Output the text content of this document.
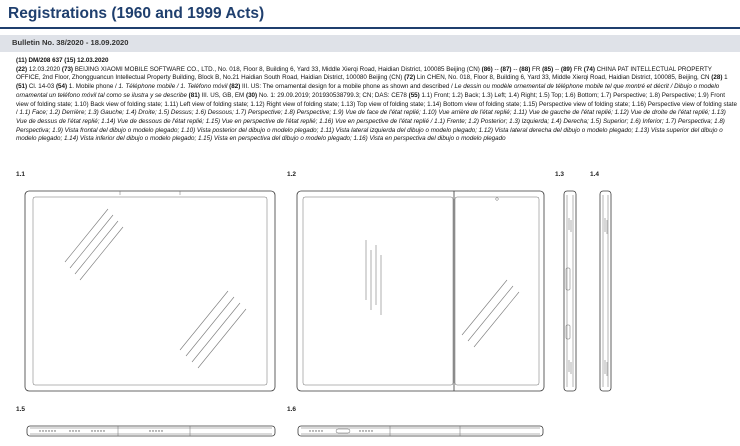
Registrations (1960 and 1999 Acts)
Bulletin No. 38/2020 - 18.09.2020
(11) DM/208 637 (15) 12.03.2020
(22) 12.03.2020 (73) BEIJING XIAOMI MOBILE SOFTWARE CO., LTD., No. 018, Floor 8, Building 6, Yard 33, Middle Xierqi Road, Haidian District, 100085 Beijing (CN) (86) -- (87) -- (88) FR (85) -- (89) FR (74) CHINA PAT INTELLECTUAL PROPERTY OFFICE, 2nd Floor, Zhongguancun Intellectual Property Building, Block B, No.21 Haidian South Road, Haidian District, 100080 Beijing (CN) (72) Lin CHEN, No. 018, Floor 8, Building 6, Yard 33, Middle Xierqi Road, Haidian District, 100085, Beijing, CN (28) 1 (51) Cl. 14-03 (54) 1. Mobile phone / 1. Téléphone mobile / 1. Teléfono móvil (82) III. US: The ornamental design for a mobile phone as shown and described / Le dessin ou modèle ornemental de téléphone mobile tel que montré et décrit / Dibujo o modelo ornamental un teléfono móvil tal como se ilustra y se describe (81) III. US, GB, EM (30) No. 1: 29.09.2019; 201930538799.3; CN; DAS: CE78 (55) 1.1) Front; 1.2) Back; 1.3) Left; 1.4) Right; 1.5) Top; 1.6) Bottom; 1.7) Perspective; 1.8) Perspective; 1.9) Front view of folding state; 1.10) Back view of folding state; 1.11) Left view of folding state; 1.12) Right view of folding state; 1.13) Top view of folding state; 1.14) Bottom view of folding state; 1.15) Perspective view of folding state; 1.16) Perspective view of folding state / 1.1) Face; 1.2) Derrière; 1.3) Gauche; 1.4) Droite; 1.5) Dessus; 1.6) Dessous; 1.7) Perspective; 1.8) Perspective; 1.9) Vue de face de l'état replié; 1.10) Vue arrière de l'état replié; 1.11) Vue de gauche de l'état replié; 1.12) Vue de droite de l'état replié; 1.13) Vue de dessus de l'état replié; 1.14) Vue de dessous de l'état replié; 1.15) Vue en perspective de l'état replié; 1.16) Vue en perspective de l'état replié / 1.1) Frente; 1.2) Posterior; 1.3) Izquierda; 1.4) Derecha; 1.5) Superior; 1.6) Inferior; 1.7) Perspectiva; 1.8) Perspectiva; 1.9) Vista frontal del dibujo o modelo plegado; 1.10) Vista posterior del dibujo o modelo plegado; 1.11) Vista lateral izquierda del dibujo o modelo plegado; 1.12) Vista lateral derecha del dibujo o modelo plegado; 1.13) Vista superior del dibujo o modelo plegado; 1.14) Vista inferior del dibujo o modelo plegado; 1.15) Vista en perspectiva del dibujo o modelo plegado; 1.16) Vista en perspectiva del dibujo o modelo plegado
1.1	1.2	1.3	1.4
1.5	1.6
